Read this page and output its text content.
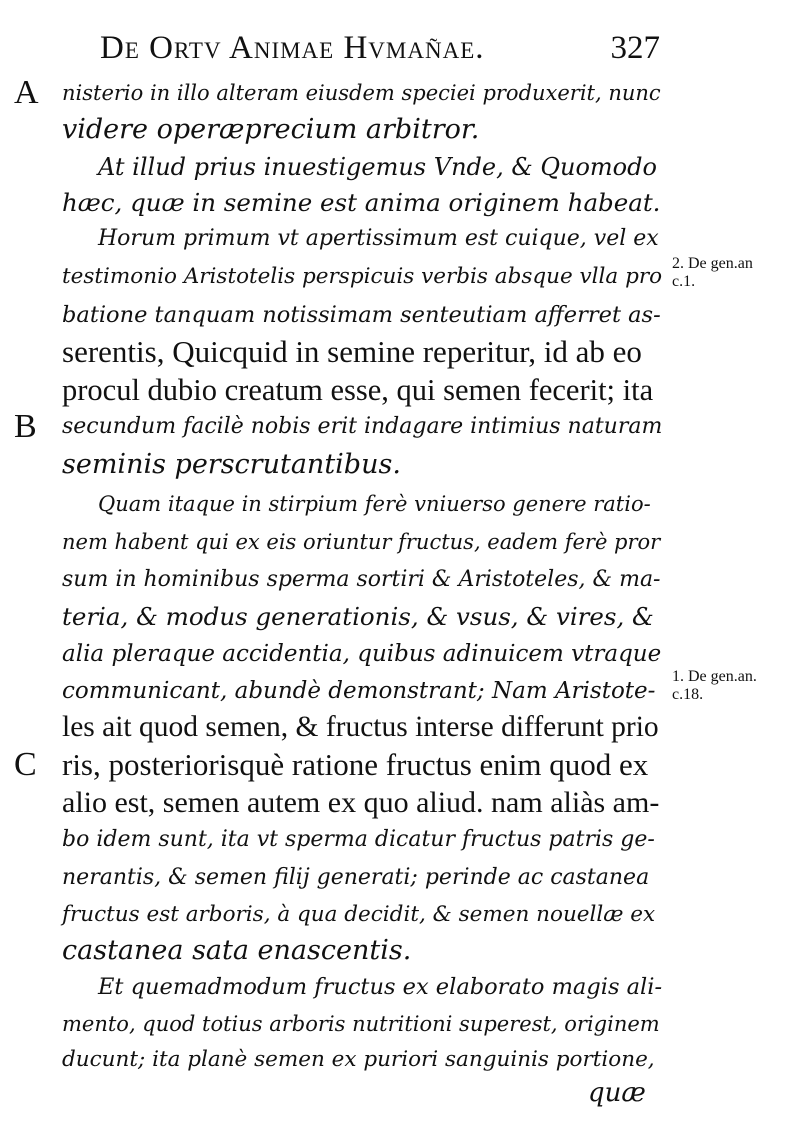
De Ortv Animae Hvmañae.	327
nisterio in illo alteram eiusdem speciei produxerit, nunc
videre operæprecium arbitror.
At illud prius inuestigemus Vnde, & Quomodo
hæc, quæ in semine est anima originem habeat.
Horum primum vt apertissimum est cuique, vel ex
testimonio Aristotelis perspicuis verbis absque vlla pro
batione tanquam notissimam senteutiam afferret as-
serentis, Quicquid in semine reperitur, id ab eo
procul dubio creatum esse, qui semen fecerit; ita
secundum facilè nobis erit indagare intimius naturam
seminis perscrutantibus.
Quam itaque in stirpium ferè vniuerso genere ratio-
nem habent qui ex eis oriuntur fructus, eadem ferè pror
sum in hominibus sperma sortiri & Aristoteles, & ma-
teria, & modus generationis, & vsus, & vires, &
alia pleraque accidentia, quibus adinuicem vtraque
communicant, abundè demonstrant; Nam Aristote-
les ait quod semen, & fructus interse differunt prio
ris, posteriorisquè ratione fructus enim quod ex
alio est, semen autem ex quo aliud. nam aliàs am-
bo idem sunt, ita vt sperma dicatur fructus patris ge-
nerantis, & semen filij generati; perinde ac castanea
fructus est arboris, à qua decidit, & semen nouellæ ex
castanea sata enascentis.
Et quemadmodum fructus ex elaborato magis ali-
mento, quod totius arboris nutritioni superest, originem
ducunt; ita planè semen ex puriori sanguinis portione,
A
B
C
2. De gen.an
c.1.
1. De gen.an.
c.18.
quæ
